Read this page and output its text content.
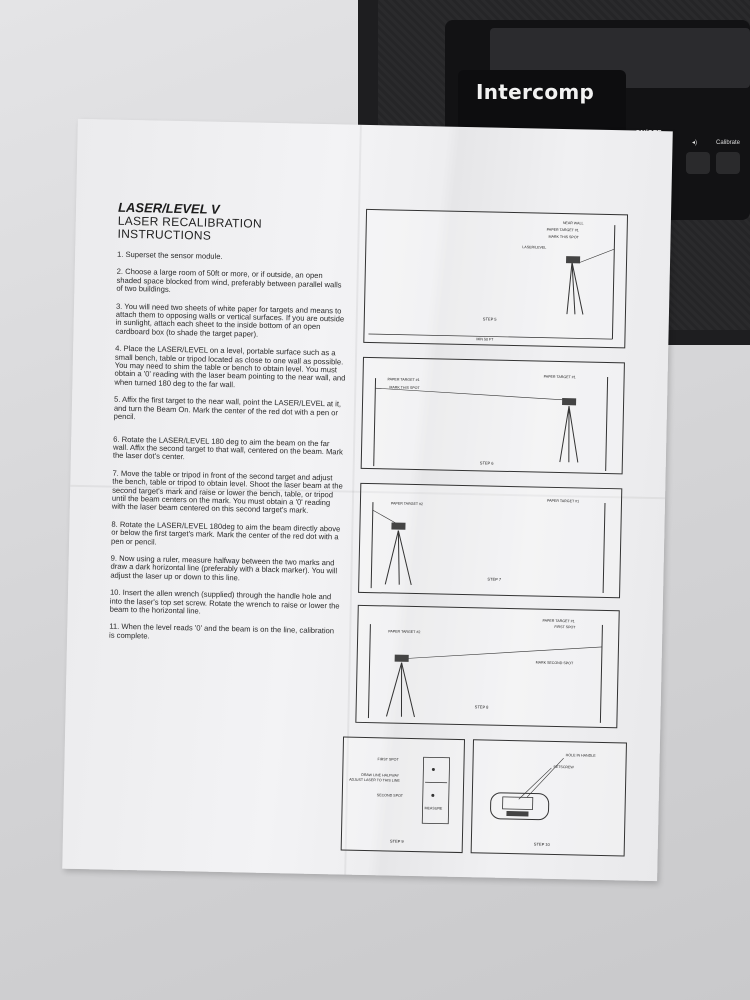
Intercomp
◂)	Calibrate

LASER/LEVEL V

LASER RECALIBRATION INSTRUCTIONS

1. Superset the sensor module.

2. Choose a large room of 50ft or more, or if outside, an open shaded space blocked from wind, preferably between parallel walls of two buildings.

3. You will need two sheets of white paper for targets and means to attach them to opposing walls or vertical surfaces. If you are outside in sunlight, attach each sheet to the inside bottom of an open cardboard box (to shade the target paper).

4. Place the LASER/LEVEL on a level, portable surface such as a small bench, table or tripod located as close to one wall as possible. You may need to shim the table or bench to obtain level. You must obtain a '0' reading with the laser beam pointing to the near wall, and when turned 180 deg to the far wall.

5. Affix the first target to the near wall, point the LASER/LEVEL at it, and turn the Beam On. Mark the center of the red dot with a pen or pencil.

6. Rotate the LASER/LEVEL 180 deg to aim the beam on the far wall. Affix the second target to that wall, centered on the beam. Mark the laser dot's center.

7. Move the table or tripod in front of the second target and adjust the bench, table or tripod to obtain level. Shoot the laser beam at the second target's mark and raise or lower the bench, table, or tripod until the beam centers on the mark. You must obtain a '0' reading with the laser beam centered on this second target's mark.

8. Rotate the LASER/LEVEL 180deg to aim the beam directly above or below the first target's mark. Mark the center of the red dot with a pen or pencil.

9. Now using a ruler, measure halfway between the two marks and draw a dark horizontal line (preferably with a black marker). You will adjust the laser up or down to this line.

10. Insert the allen wrench (supplied) through the handle hole and into the laser's top set screw. Rotate the wrench to raise or lower the beam to the horizontal line.

11. When the level reads '0' and the beam is on the line, calibration is complete.

NEAR WALL
PAPER TARGET #1
MARK THIS SPOT
LASER/LEVEL
STEP 5
MIN 50 FT
PAPER TARGET #1
MARK THIS SPOT
PAPER TARGET #1
STEP 6
PAPER TARGET #2
PAPER TARGET #1
STEP 7
PAPER TARGET #2
PAPER TARGET #1
FIRST SPOT
MARK SECOND SPOT
STEP 8
FIRST SPOT
DRAW LINE HALFWAY
ADJUST LASER TO THIS LINE
SECOND SPOT
MEASURE
STEP 9
HOLE IN HANDLE
SETSCREW
STEP 10
